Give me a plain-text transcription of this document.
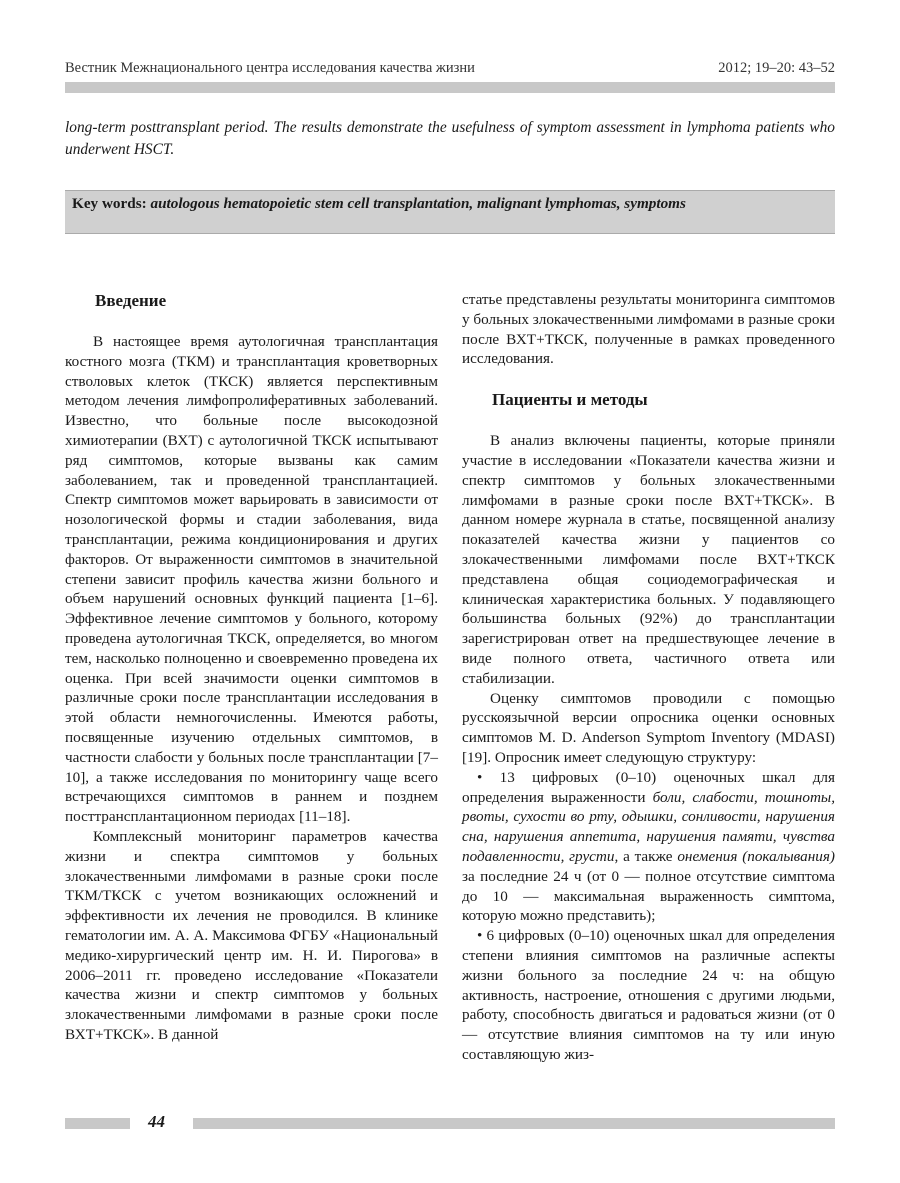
Вестник Межнационального центра исследования качества жизни	2012; 19–20: 43–52
long-term posttransplant period. The results demonstrate the usefulness of symptom assessment in lymphoma patients who underwent HSCT.
Key words: autologous hematopoietic stem cell transplantation, malignant lymphomas, symptoms
Введение

В настоящее время аутологичная трансплантация костного мозга (ТКМ) и трансплантация кроветворных стволовых клеток (ТКСК) является перспективным методом лечения лимфопролиферативных заболеваний. Известно, что больные после высокодозной химиотерапии (ВХТ) с аутологичной ТКСК испытывают ряд симптомов, которые вызваны как самим заболеванием, так и проведенной трансплантацией. Спектр симптомов может варьировать в зависимости от нозологической формы и стадии заболевания, вида трансплантации, режима кондиционирования и других факторов. От выраженности симптомов в значительной степени зависит профиль качества жизни больного и объем нарушений основных функций пациента [1–6]. Эффективное лечение симптомов у больного, которому проведена аутологичная ТКСК, определяется, во многом тем, насколько полноценно и своевременно проведена их оценка. При всей значимости оценки симптомов в различные сроки после трансплантации исследования в этой области немногочисленны. Имеются работы, посвященные изучению отдельных симптомов, в частности слабости у больных после трансплантации [7–10], а также исследования по мониторингу чаще всего встречающихся симптомов в раннем и позднем посттрансплантационном периодах [11–18].

Комплексный мониторинг параметров качества жизни и спектра симптомов у больных злокачественными лимфомами в разные сроки после ТКМ/ТКСК с учетом возникающих осложнений и эффективности их лечения не проводился. В клинике гематологии им. А. А. Максимова ФГБУ «Национальный медико-хирургический центр им. Н. И. Пирогова» в 2006–2011 гг. проведено исследование «Показатели качества жизни и спектр симптомов у больных злокачественными лимфомами в разные сроки после ВХТ+ТКСК». В данной

статье представлены результаты мониторинга симптомов у больных злокачественными лимфомами в разные сроки после ВХТ+ТКСК, полученные в рамках проведенного исследования.

Пациенты и методы

В анализ включены пациенты, которые приняли участие в исследовании «Показатели качества жизни и спектр симптомов у больных злокачественными лимфомами в разные сроки после ВХТ+ТКСК». В данном номере журнала в статье, посвященной анализу показателей качества жизни у пациентов со злокачественными лимфомами после ВХТ+ТКСК представлена общая социодемографическая и клиническая характеристика больных. У подавляющего большинства больных (92%) до трансплантации зарегистрирован ответ на предшествующее лечение в виде полного ответа, частичного ответа или стабилизации.

Оценку симптомов проводили с помощью русскоязычной версии опросника оценки основных симптомов M. D. Anderson Symptom Inventory (MDASI) [19]. Опросник имеет следующую структуру:

• 13 цифровых (0–10) оценочных шкал для определения выраженности боли, слабости, тошноты, рвоты, сухости во рту, одышки, сонливости, нарушения сна, нарушения аппетита, нарушения памяти, чувства подавленности, грусти, а также онемения (покалывания) за последние 24 ч (от 0 — полное отсутствие симптома до 10 — максимальная выраженность симптома, которую можно представить);

• 6 цифровых (0–10) оценочных шкал для определения степени влияния симптомов на различные аспекты жизни больного за последние 24 ч: на общую активность, настроение, отношения с другими людьми, работу, способность двигаться и радоваться жизни (от 0 — отсутствие влияния симптомов на ту или иную составляющую жиз-

44
